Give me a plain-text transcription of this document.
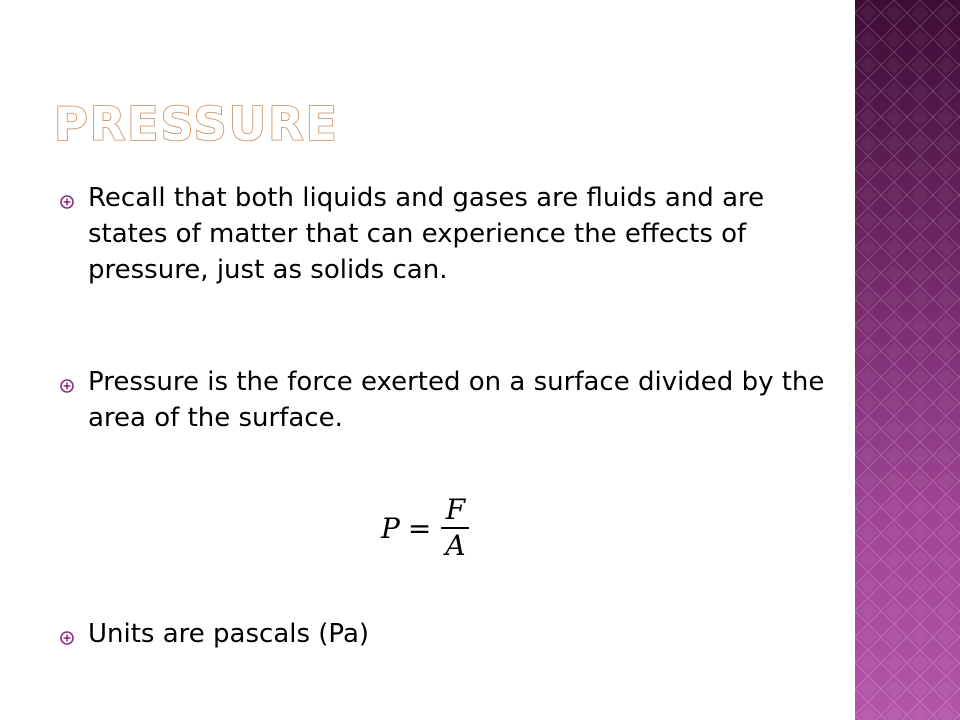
PRESSURE
Recall that both liquids and gases are fluids and are states of matter that can experience the effects of pressure, just as solids can.
Pressure is the force exerted on a surface divided by the area of the surface.
Units are pascals (Pa)
$P = \frac{F}{A}$
